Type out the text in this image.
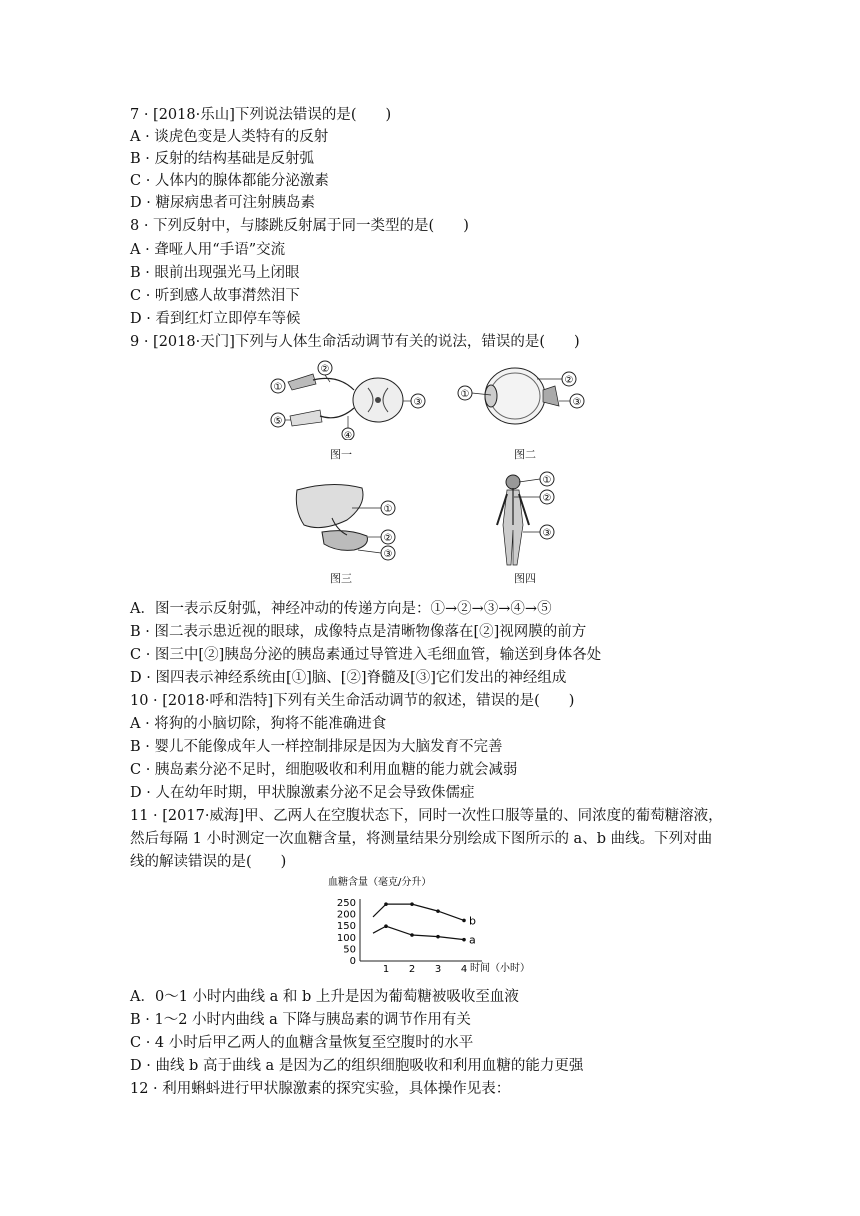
7 · [2018·乐山]下列说法错误的是(　　)
A · 谈虎色变是人类特有的反射
B · 反射的结构基础是反射弧
C · 人体内的腺体都能分泌激素
D · 糖尿病患者可注射胰岛素
8 · 下列反射中，与膝跳反射属于同一类型的是(　　)
A · 聋哑人用“手语”交流
B · 眼前出现强光马上闭眼
C · 听到感人故事潸然泪下
D · 看到红灯立即停车等候
9 · [2018·天门]下列与人体生命活动调节有关的说法，错误的是(　　)
①
②
③
④
⑤
图一
①
②
③
图二
①
②
③
图三
①
②
③
图四
A．图一表示反射弧，神经冲动的传递方向是：①→②→③→④→⑤
B · 图二表示患近视的眼球，成像特点是清晰物像落在[②]视网膜的前方
C · 图三中[②]胰岛分泌的胰岛素通过导管进入毛细血管，输送到身体各处
D · 图四表示神经系统由[①]脑、[②]脊髓及[③]它们发出的神经组成
10 · [2018·呼和浩特]下列有关生命活动调节的叙述，错误的是(　　)
A · 将狗的小脑切除，狗将不能准确进食
B · 婴儿不能像成年人一样控制排尿是因为大脑发育不完善
C · 胰岛素分泌不足时，细胞吸收和利用血糖的能力就会减弱
D · 人在幼年时期，甲状腺激素分泌不足会导致侏儒症
11 · [2017·威海]甲、乙两人在空腹状态下，同时一次性口服等量的、同浓度的葡萄糖溶液，
然后每隔 1 小时测定一次血糖含量，将测量结果分别绘成下图所示的 a、b 曲线。下列对曲
线的解读错误的是(　　)
血糖含量（毫克/分升）
时间（小时）
0
50
100
150
200
250
1 2 3 4
b
a
A．0～1 小时内曲线 a 和 b 上升是因为葡萄糖被吸收至血液
B · 1～2 小时内曲线 a 下降与胰岛素的调节作用有关
C · 4 小时后甲乙两人的血糖含量恢复至空腹时的水平
D · 曲线 b 高于曲线 a 是因为乙的组织细胞吸收和利用血糖的能力更强
12 · 利用蝌蚪进行甲状腺激素的探究实验，具体操作见表：
